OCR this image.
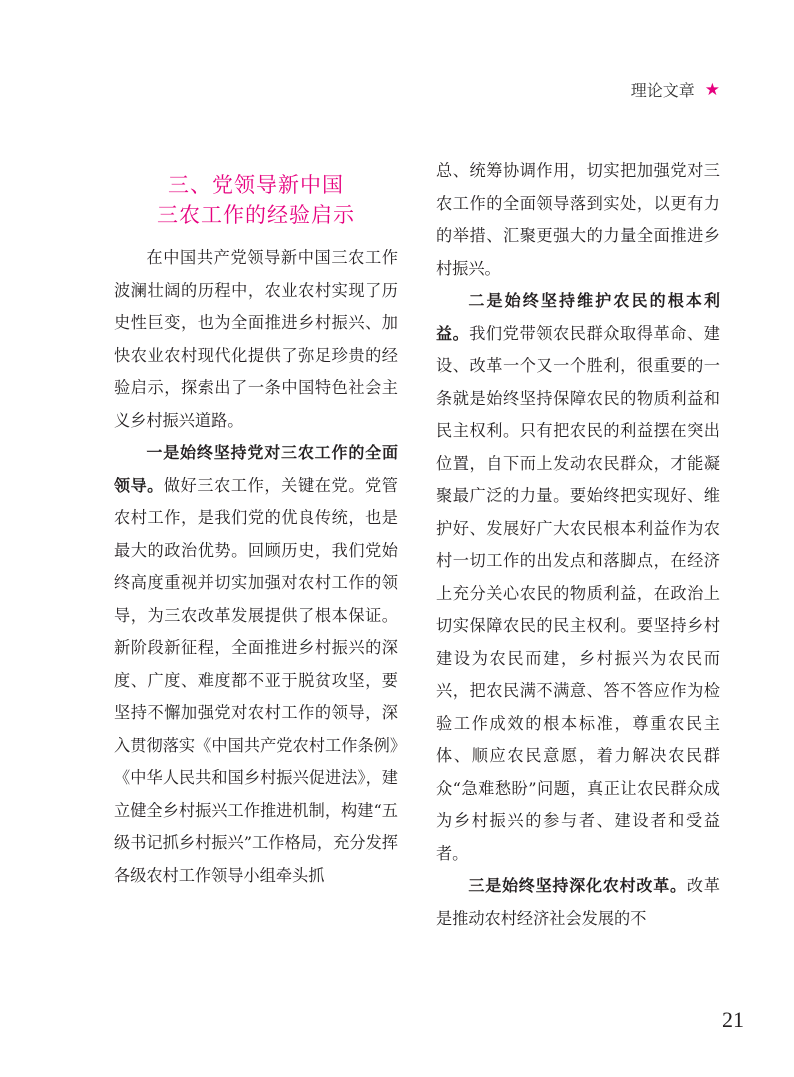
理论文章 ★
三、党领导新中国
三农工作的经验启示

在中国共产党领导新中国三农工作波澜壮阔的历程中，农业农村实现了历史性巨变，也为全面推进乡村振兴、加快农业农村现代化提供了弥足珍贵的经验启示，探索出了一条中国特色社会主义乡村振兴道路。

一是始终坚持党对三农工作的全面领导。做好三农工作，关键在党。党管农村工作，是我们党的优良传统，也是最大的政治优势。回顾历史，我们党始终高度重视并切实加强对农村工作的领导，为三农改革发展提供了根本保证。新阶段新征程，全面推进乡村振兴的深度、广度、难度都不亚于脱贫攻坚，要坚持不懈加强党对农村工作的领导，深入贯彻落实《中国共产党农村工作条例》《中华人民共和国乡村振兴促进法》，建立健全乡村振兴工作推进机制，构建“五级书记抓乡村振兴”工作格局，充分发挥各级农村工作领导小组牵头抓

总、统筹协调作用，切实把加强党对三农工作的全面领导落到实处，以更有力的举措、汇聚更强大的力量全面推进乡村振兴。

二是始终坚持维护农民的根本利益。我们党带领农民群众取得革命、建设、改革一个又一个胜利，很重要的一条就是始终坚持保障农民的物质利益和民主权利。只有把农民的利益摆在突出位置，自下而上发动农民群众，才能凝聚最广泛的力量。要始终把实现好、维护好、发展好广大农民根本利益作为农村一切工作的出发点和落脚点，在经济上充分关心农民的物质利益，在政治上切实保障农民的民主权利。要坚持乡村建设为农民而建，乡村振兴为农民而兴，把农民满不满意、答不答应作为检验工作成效的根本标准，尊重农民主体、顺应农民意愿，着力解决农民群众“急难愁盼”问题，真正让农民群众成为乡村振兴的参与者、建设者和受益者。

三是始终坚持深化农村改革。改革是推动农村经济社会发展的不

21
